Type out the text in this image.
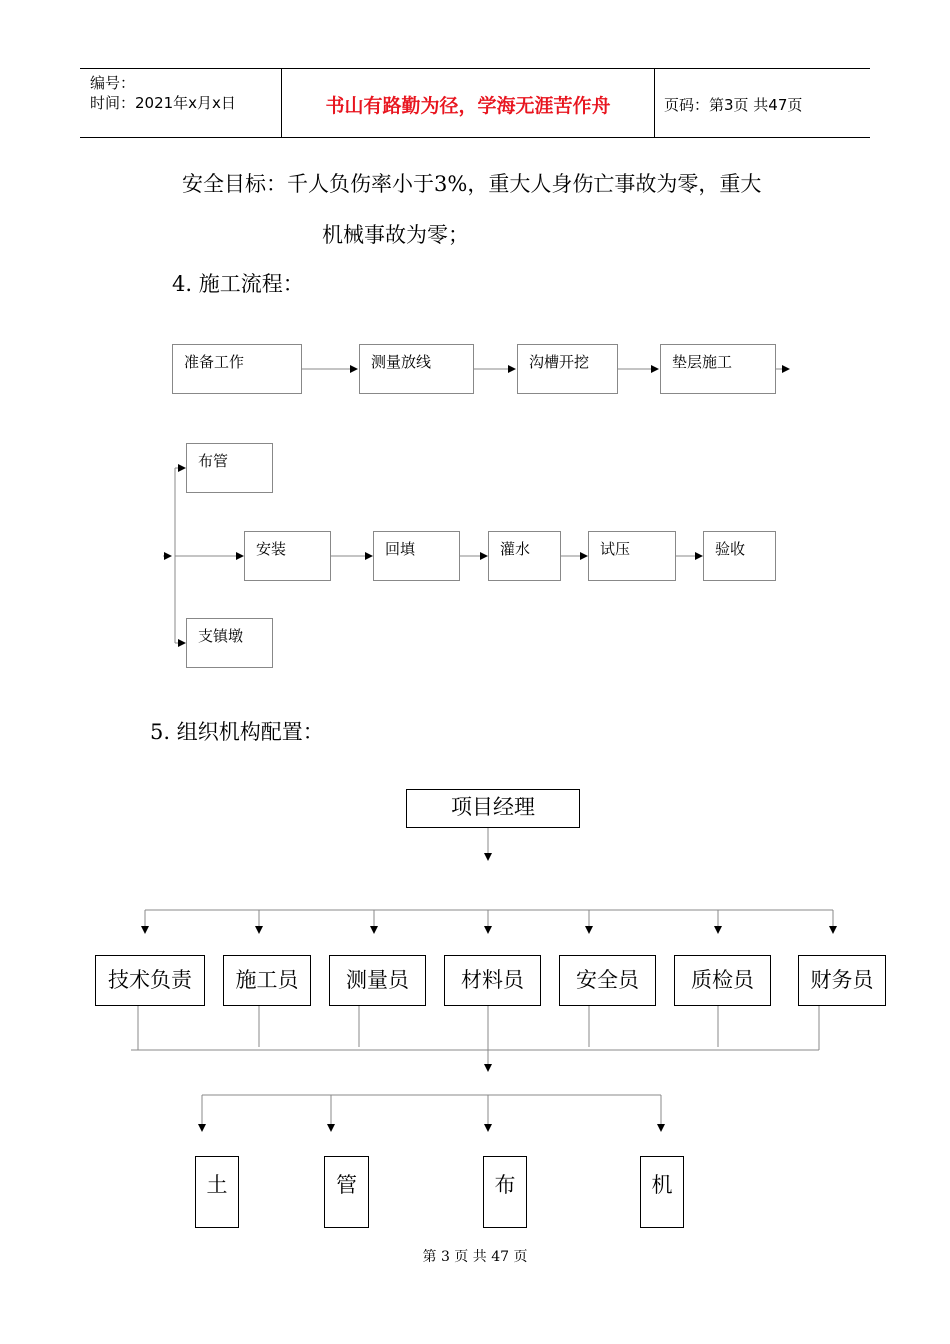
编号：
时间：2021年x月x日	书山有路勤为径，学海无涯苦作舟	页码：第3页 共47页
安全目标：千人负伤率小于3%，重大人身伤亡事故为零，重大
机械事故为零；
4. 施工流程：
准备工作	测量放线	沟槽开挖	垫层施工
布管
支镇墩
安装	回填	灌水	试压	验收
5. 组织机构配置：
项目经理
技术负责	施工员	测量员	材料员	安全员	质检员	财务员
土	管	布	机
第 3 页 共 47 页
